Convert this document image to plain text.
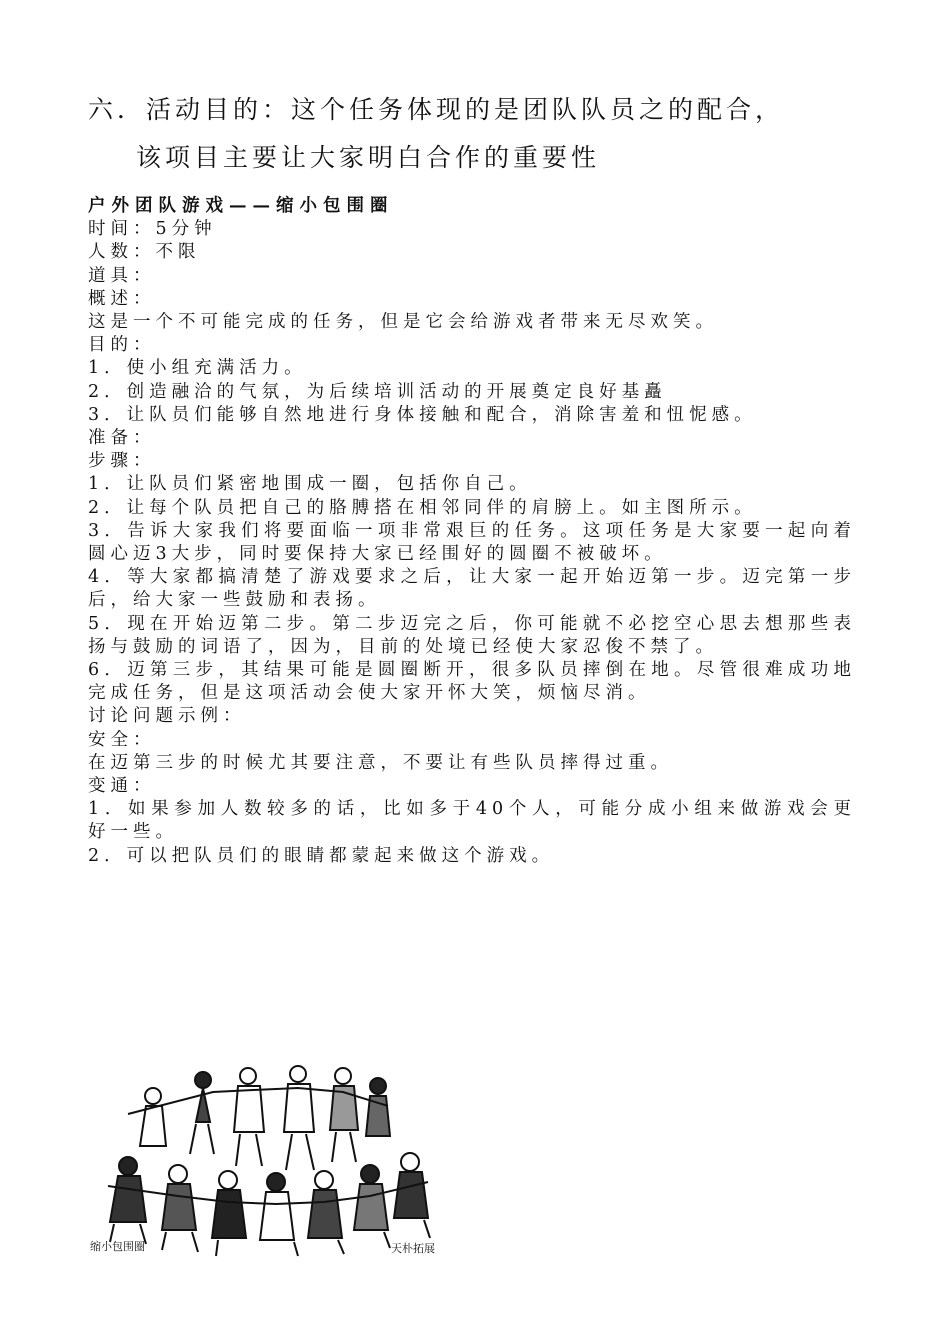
六．活动目的：这个任务体现的是团队队员之的配合，
该项目主要让大家明白合作的重要性

户外团队游戏——缩小包围圈

时间：5分钟

人数：不限

道具：

概述：

这是一个不可能完成的任务，但是它会给游戏者带来无尽欢笑。

目的：

1．使小组充满活力。

2．创造融洽的气氛，为后续培训活动的开展奠定良好基矗

3．让队员们能够自然地进行身体接触和配合，消除害羞和忸怩感。

准备：

步骤：

1．让队员们紧密地围成一圈，包括你自己。

2．让每个队员把自己的胳膊搭在相邻同伴的肩膀上。如主图所示。

3．告诉大家我们将要面临一项非常艰巨的任务。这项任务是大家要一起向着圆心迈3大步，同时要保持大家已经围好的圆圈不被破坏。

4．等大家都搞清楚了游戏要求之后，让大家一起开始迈第一步。迈完第一步后，给大家一些鼓励和表扬。

5．现在开始迈第二步。第二步迈完之后，你可能就不必挖空心思去想那些表扬与鼓励的词语了，因为，目前的处境已经使大家忍俊不禁了。

6．迈第三步，其结果可能是圆圈断开，很多队员摔倒在地。尽管很难成功地完成任务，但是这项活动会使大家开怀大笑，烦恼尽消。

讨论问题示例：

安全：

在迈第三步的时候尤其要注意，不要让有些队员摔得过重。

变通：

1．如果参加人数较多的话，比如多于40个人，可能分成小组来做游戏会更好一些。

2．可以把队员们的眼睛都蒙起来做这个游戏。

缩小包围圈	天朴拓展
